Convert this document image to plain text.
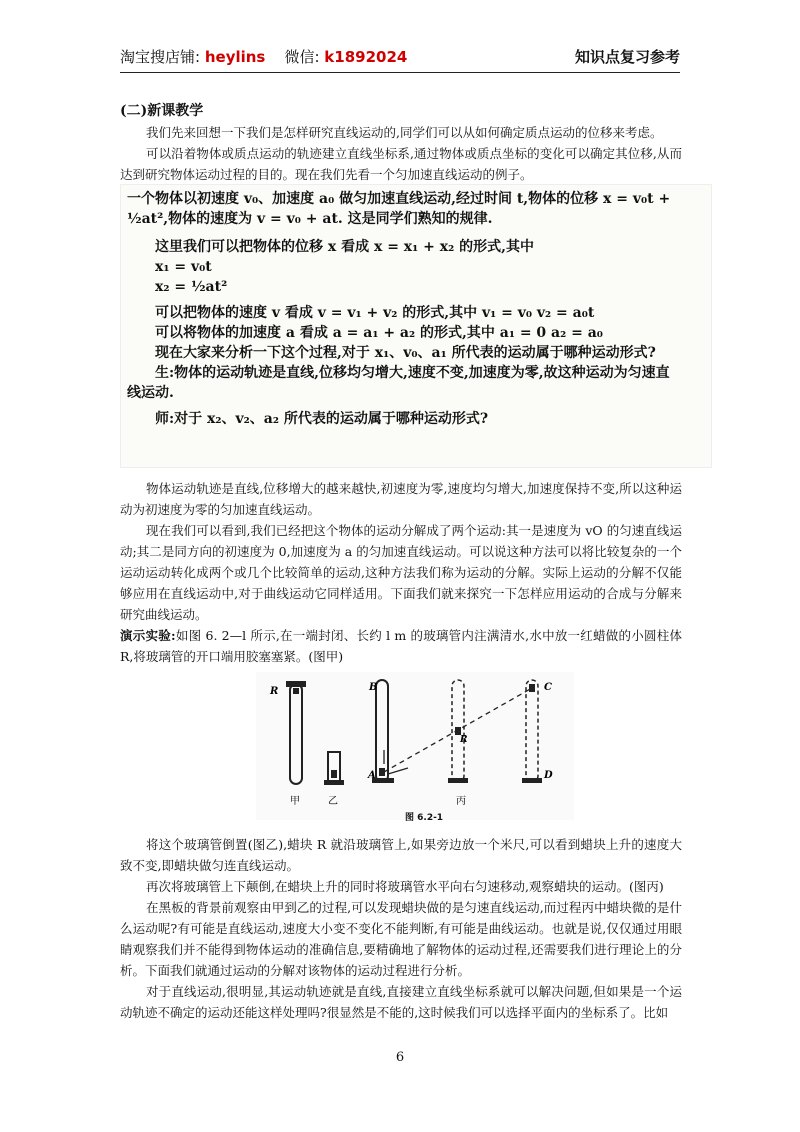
淘宝搜店铺: heylins 微信: k1892024	知识点复习参考
(二)新课教学

我们先来回想一下我们是怎样研究直线运动的,同学们可以从如何确定质点运动的位移来考虑。

可以沿着物体或质点运动的轨迹建立直线坐标系,通过物体或质点坐标的变化可以确定其位移,从而达到研究物体运动过程的目的。现在我们先看一个匀加速直线运动的例子。

一个物体以初速度 v₀、加速度 a₀ 做匀加速直线运动,经过时间 t,物体的位移 x = v₀t +
½at²,物体的速度为 v = v₀ + at. 这是同学们熟知的规律.
这里我们可以把物体的位移 x 看成 x = x₁ + x₂ 的形式,其中
x₁ = v₀t
x₂ = ½at²
可以把物体的速度 v 看成 v = v₁ + v₂ 的形式,其中 v₁ = v₀ v₂ = a₀t
可以将物体的加速度 a 看成 a = a₁ + a₂ 的形式,其中 a₁ = 0 a₂ = a₀
现在大家来分析一下这个过程,对于 x₁、v₀、a₁ 所代表的运动属于哪种运动形式?
生:物体的运动轨迹是直线,位移均匀增大,速度不变,加速度为零,故这种运动为匀速直
线运动.
师:对于 x₂、v₂、a₂ 所代表的运动属于哪种运动形式?

物体运动轨迹是直线,位移增大的越来越快,初速度为零,速度均匀增大,加速度保持不变,所以这种运动为初速度为零的匀加速直线运动。

现在我们可以看到,我们已经把这个物体的运动分解成了两个运动:其一是速度为 vO 的匀速直线运动;其二是同方向的初速度为 0,加速度为 a 的匀加速直线运动。可以说这种方法可以将比较复杂的一个运动运动转化成两个或几个比较简单的运动,这种方法我们称为运动的分解。实际上运动的分解不仅能够应用在直线运动中,对于曲线运动它同样适用。下面我们就来探究一下怎样应用运动的合成与分解来研究曲线运动。

演示实验:如图 6. 2—l 所示,在一端封闭、长约 l m 的玻璃管内注满清水,水中放一红蜡做的小圆柱体 R,将玻璃管的开口端用胶塞塞紧。(图甲)

R	B
A
R
C
D
甲	乙	丙
图 6.2-1

将这个玻璃管倒置(图乙),蜡块 R 就沿玻璃管上,如果旁边放一个米尺,可以看到蜡块上升的速度大致不变,即蜡块做匀连直线运动。

再次将玻璃管上下颠倒,在蜡块上升的同时将玻璃管水平向右匀速移动,观察蜡块的运动。(图丙)

在黑板的背景前观察由甲到乙的过程,可以发现蜡块做的是匀速直线运动,而过程丙中蜡块微的是什么运动呢?有可能是直线运动,速度大小变不变化不能判断,有可能是曲线运动。也就是说,仅仅通过用眼睛观察我们并不能得到物体运动的准确信息,要精确地了解物体的运动过程,还需要我们进行理论上的分析。下面我们就通过运动的分解对该物体的运动过程进行分析。

对于直线运动,很明显,其运动轨迹就是直线,直接建立直线坐标系就可以解决问题,但如果是一个运动轨迹不确定的运动还能这样处理吗?很显然是不能的,这时候我们可以选择平面内的坐标系了。比如

6
